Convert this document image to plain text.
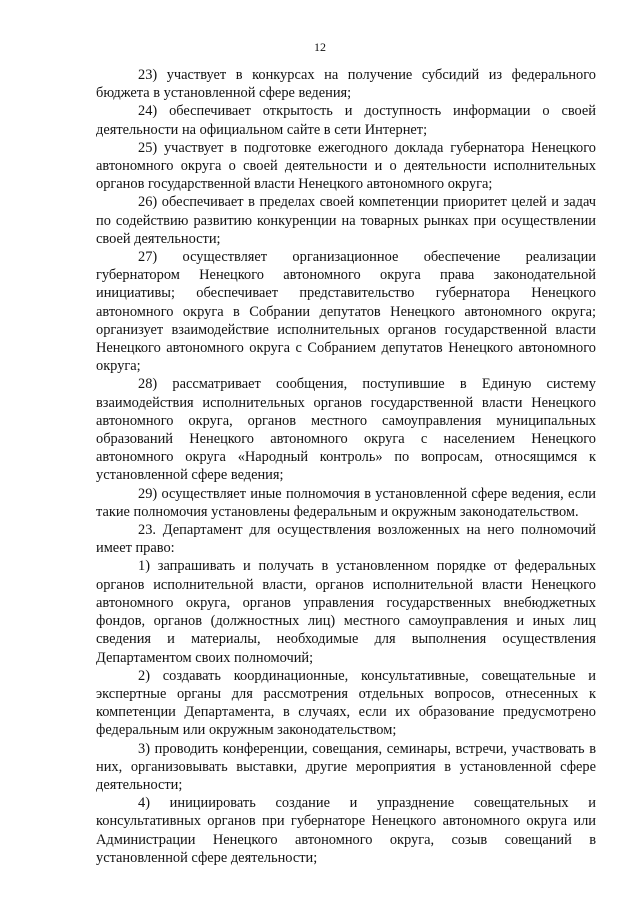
12

23) участвует в конкурсах на получение субсидий из федерального бюджета в установленной сфере ведения;

24) обеспечивает открытость и доступность информации о своей деятельности на официальном сайте в сети Интернет;

25) участвует в подготовке ежегодного доклада губернатора Ненецкого автономного округа о своей деятельности и о деятельности исполнительных органов государственной власти Ненецкого автономного округа;

26) обеспечивает в пределах своей компетенции приоритет целей и задач по содействию развитию конкуренции на товарных рынках при осуществлении своей деятельности;

27) осуществляет организационное обеспечение реализации губернатором Ненецкого автономного округа права законодательной инициативы; обеспечивает представительство губернатора Ненецкого автономного округа в Собрании депутатов Ненецкого автономного округа; организует взаимодействие исполнительных органов государственной власти Ненецкого автономного округа с Собранием депутатов Ненецкого автономного округа;

28) рассматривает сообщения, поступившие в Единую систему взаимодействия исполнительных органов государственной власти Ненецкого автономного округа, органов местного самоуправления муниципальных образований Ненецкого автономного округа с населением Ненецкого автономного округа «Народный контроль» по вопросам, относящимся к установленной сфере ведения;

29) осуществляет иные полномочия в установленной сфере ведения, если такие полномочия установлены федеральным и окружным законодательством.

23. Департамент для осуществления возложенных на него полномочий имеет право:

1) запрашивать и получать в установленном порядке от федеральных органов исполнительной власти, органов исполнительной власти Ненецкого автономного округа, органов управления государственных внебюджетных фондов, органов (должностных лиц) местного самоуправления и иных лиц сведения и материалы, необходимые для выполнения осуществления Департаментом своих полномочий;

2) создавать координационные, консультативные, совещательные и экспертные органы для рассмотрения отдельных вопросов, отнесенных к компетенции Департамента, в случаях, если их образование предусмотрено федеральным или окружным законодательством;

3) проводить конференции, совещания, семинары, встречи, участвовать в них, организовывать выставки, другие мероприятия в установленной сфере деятельности;

4) инициировать создание и упразднение совещательных и консультативных органов при губернаторе Ненецкого автономного округа или Администрации Ненецкого автономного округа, созыв совещаний в установленной сфере деятельности;
